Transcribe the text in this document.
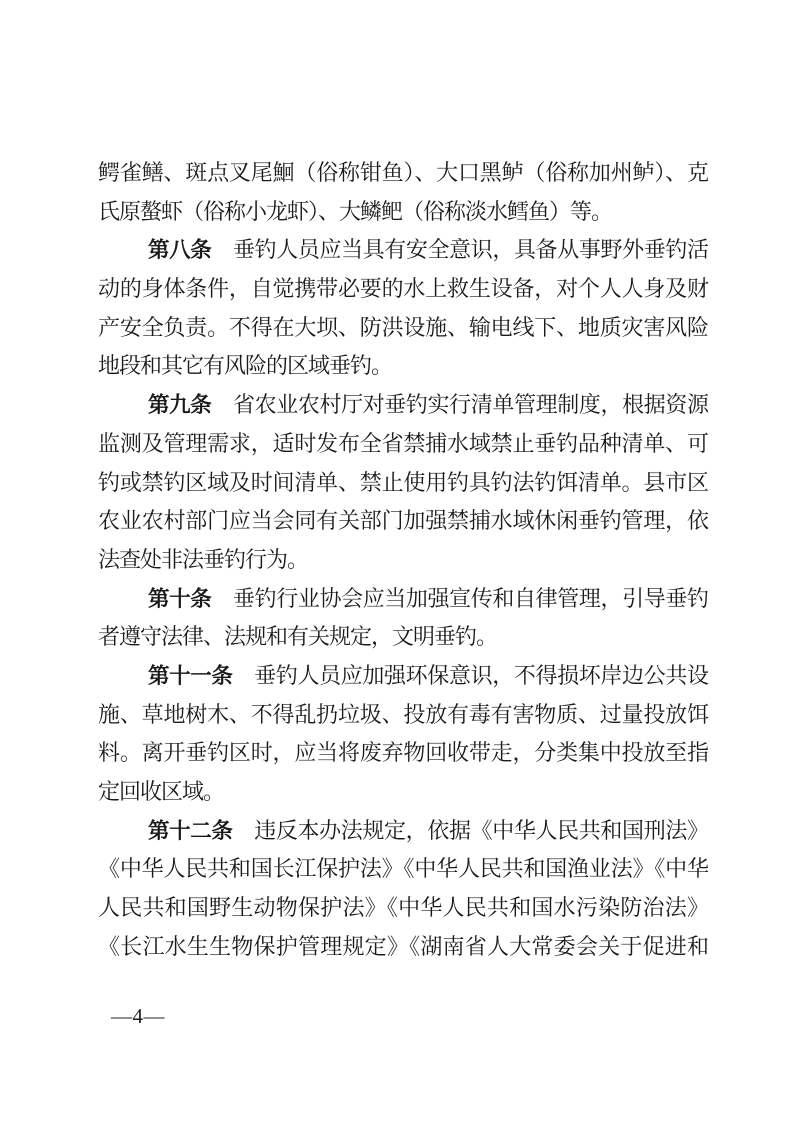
鳄雀鳝、斑点叉尾鮰（俗称钳鱼）、大口黑鲈（俗称加州鲈）、克
氏原螯虾（俗称小龙虾）、大鳞鲃（俗称淡水鳕鱼）等。
第八条　垂钓人员应当具有安全意识，具备从事野外垂钓活
动的身体条件，自觉携带必要的水上救生设备，对个人人身及财
产安全负责。不得在大坝、防洪设施、输电线下、地质灾害风险
地段和其它有风险的区域垂钓。
第九条　省农业农村厅对垂钓实行清单管理制度，根据资源
监测及管理需求，适时发布全省禁捕水域禁止垂钓品种清单、可
钓或禁钓区域及时间清单、禁止使用钓具钓法钓饵清单。县市区
农业农村部门应当会同有关部门加强禁捕水域休闲垂钓管理，依
法查处非法垂钓行为。
第十条　垂钓行业协会应当加强宣传和自律管理，引导垂钓
者遵守法律、法规和有关规定，文明垂钓。
第十一条　垂钓人员应加强环保意识，不得损坏岸边公共设
施、草地树木、不得乱扔垃圾、投放有毒有害物质、过量投放饵
料。离开垂钓区时，应当将废弃物回收带走，分类集中投放至指
定回收区域。
第十二条　违反本办法规定，依据《中华人民共和国刑法》
《中华人民共和国长江保护法》《中华人民共和国渔业法》《中华
人民共和国野生动物保护法》《中华人民共和国水污染防治法》
《长江水生生物保护管理规定》《湖南省人大常委会关于促进和
—4—
